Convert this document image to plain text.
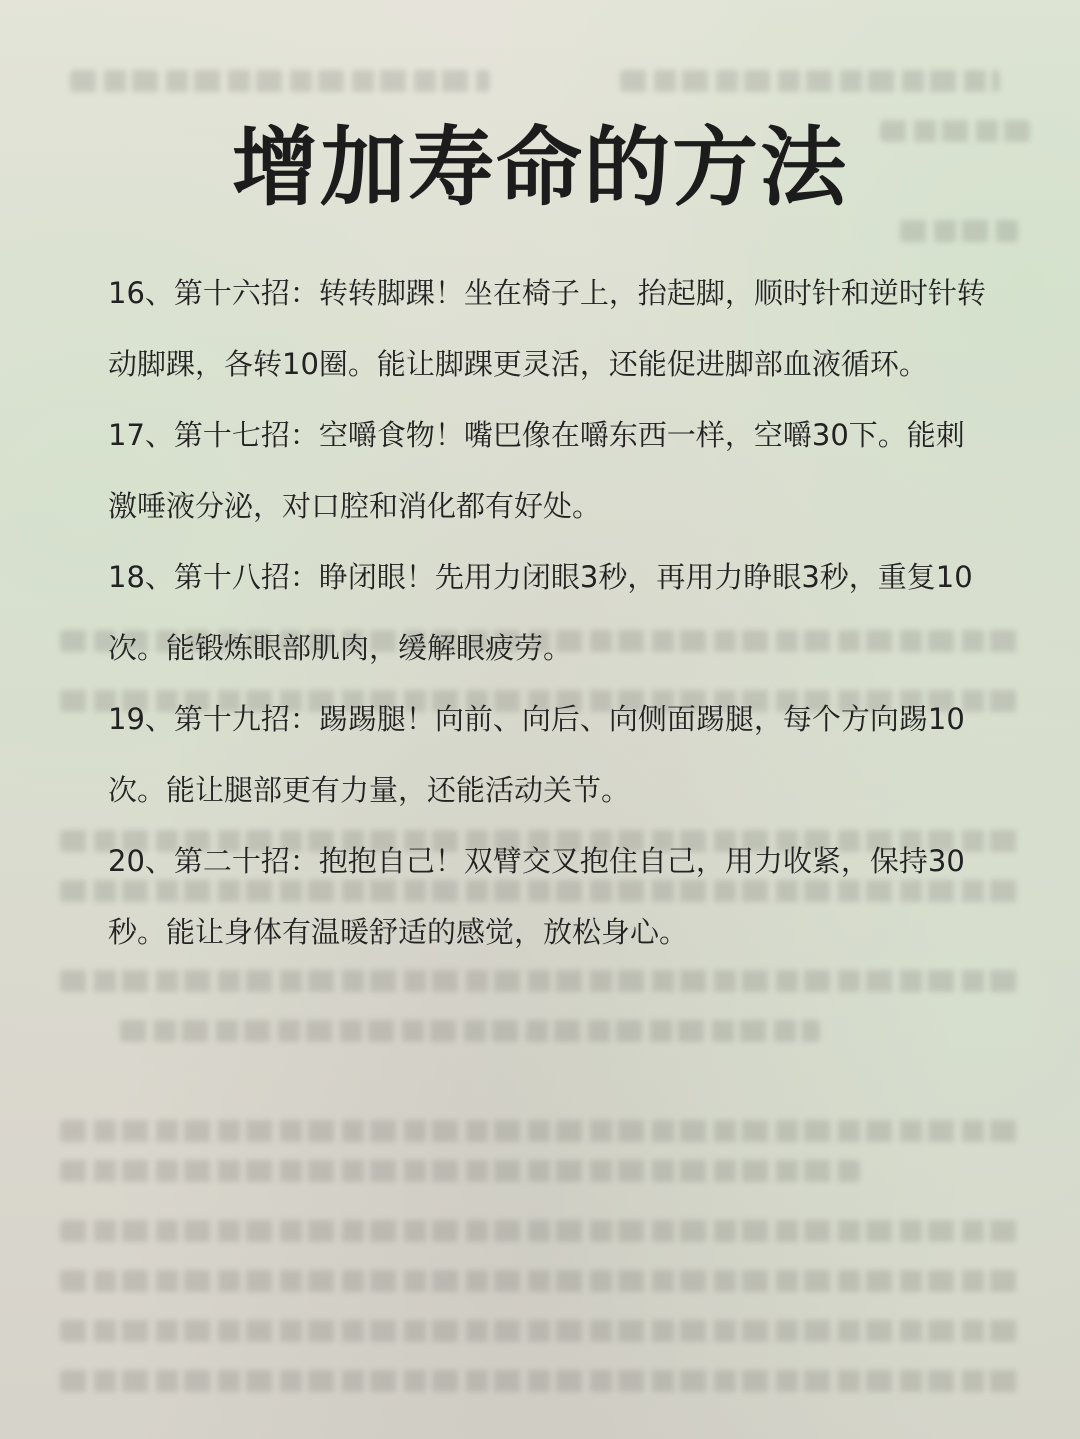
增加寿命的方法
16、第十六招：转转脚踝！坐在椅子上，抬起脚，顺时针和逆时针转动脚踝，各转10圈。能让脚踝更灵活，还能促进脚部血液循环。
17、第十七招：空嚼食物！嘴巴像在嚼东西一样，空嚼30下。能刺激唾液分泌，对口腔和消化都有好处。
18、第十八招：睁闭眼！先用力闭眼3秒，再用力睁眼3秒，重复10次。能锻炼眼部肌肉，缓解眼疲劳。
19、第十九招：踢踢腿！向前、向后、向侧面踢腿，每个方向踢10次。能让腿部更有力量，还能活动关节。
20、第二十招：抱抱自己！双臂交叉抱住自己，用力收紧，保持30秒。能让身体有温暖舒适的感觉，放松身心。
